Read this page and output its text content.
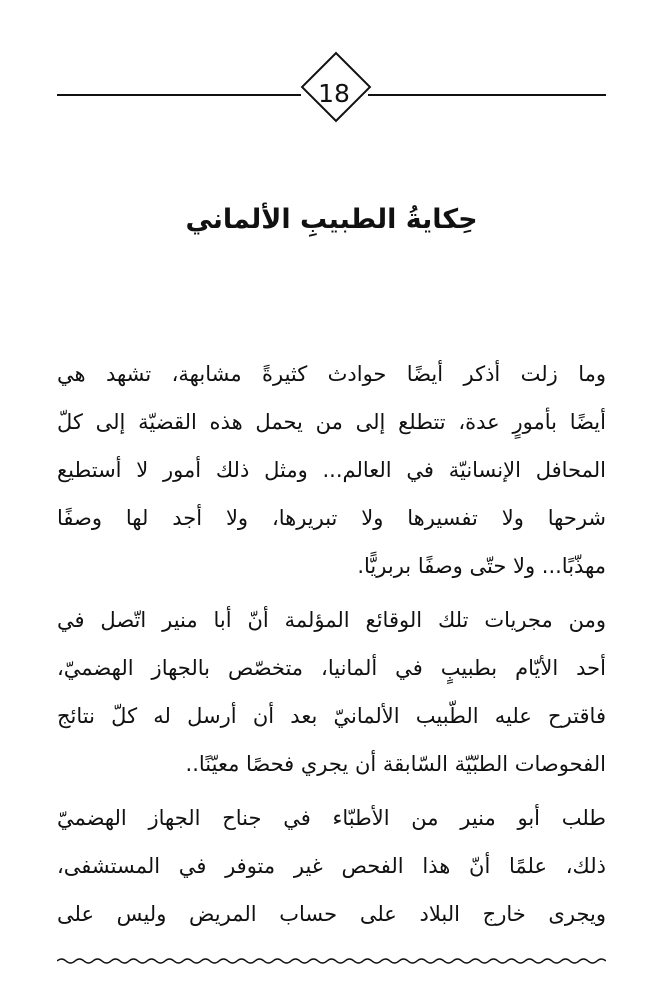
18
حِكايةُ الطبيبِ الألماني
وما زلت أذكر أيضًا حوادث كثيرةً مشابهة، تشهد هي
أيضًا بأمورٍ عدة، تتطلع إلى من يحمل هذه القضيّة إلى كلّ
المحافل الإنسانيّة في العالم... ومثل ذلك أمور لا أستطيع
شرحها ولا تفسيرها ولا تبريرها، ولا أجد لها وصفًا
مهذّبًا... ولا حتّى وصفًا بربريًّا.
ومن مجريات تلك الوقائع المؤلمة أنّ أبا منير اتّصل في
أحد الأيّام بطبيبٍ في ألمانيا، متخصّص بالجهاز الهضميّ،
فاقترح عليه الطّبيب الألمانيّ بعد أن أرسل له كلّ نتائج
الفحوصات الطبّيّة السّابقة أن يجري فحصًا معيّنًا..
طلب أبو منير من الأطبّاء في جناح الجهاز الهضميّ
ذلك، علمًا أنّ هذا الفحص غير متوفر في المستشفى،
ويجرى خارج البلاد على حساب المريض وليس على
